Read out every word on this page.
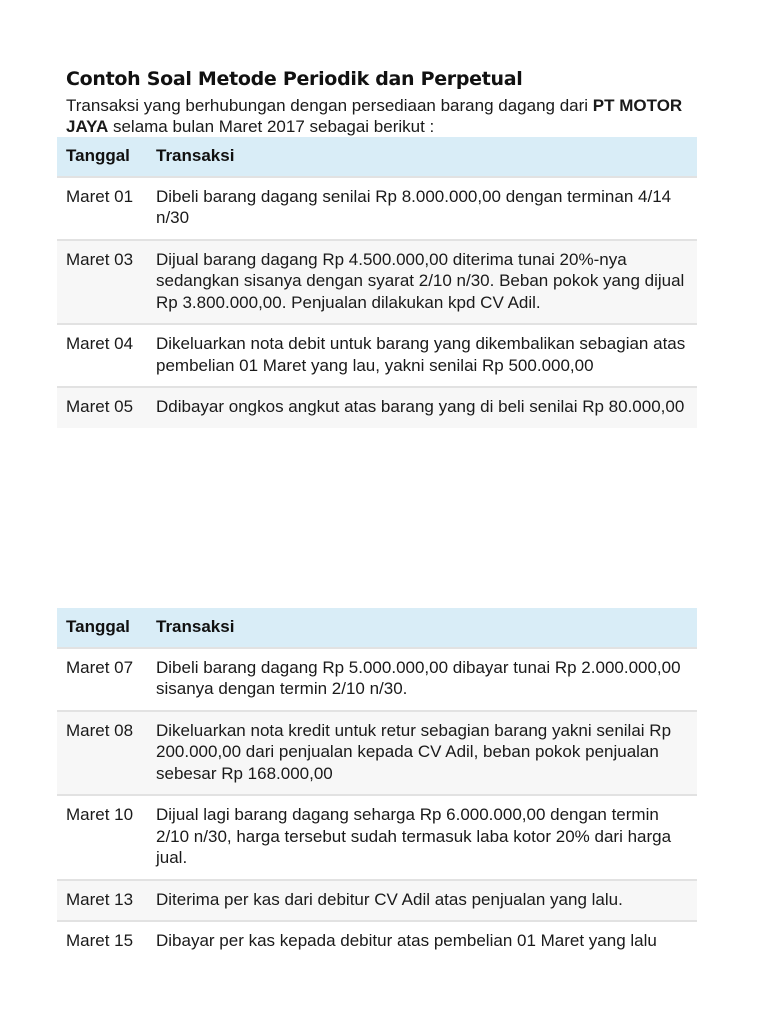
Contoh Soal Metode Periodik dan Perpetual

Transaksi yang berhubungan dengan persediaan barang dagang dari PT MOTOR JAYA selama bulan Maret 2017 sebagai berikut :

Tanggal	Transaksi
Maret 01	Dibeli barang dagang senilai Rp 8.000.000,00 dengan terminan 4/14 n/30
Maret 03	Dijual barang dagang Rp 4.500.000,00 diterima tunai 20%-nya sedangkan sisanya dengan syarat 2/10 n/30. Beban pokok yang dijual Rp 3.800.000,00. Penjualan dilakukan kpd CV Adil.
Maret 04	Dikeluarkan nota debit untuk barang yang dikembalikan sebagian atas pembelian 01 Maret yang lau, yakni senilai Rp 500.000,00
Maret 05	Ddibayar ongkos angkut atas barang yang di beli senilai Rp 80.000,00
Tanggal	Transaksi
Maret 07	Dibeli barang dagang Rp 5.000.000,00 dibayar tunai Rp 2.000.000,00 sisanya dengan termin 2/10 n/30.
Maret 08	Dikeluarkan nota kredit untuk retur sebagian barang yakni senilai Rp 200.000,00 dari penjualan kepada CV Adil, beban pokok penjualan sebesar Rp 168.000,00
Maret 10	Dijual lagi barang dagang seharga Rp 6.000.000,00 dengan termin 2/10 n/30, harga tersebut sudah termasuk laba kotor 20% dari harga jual.
Maret 13	Diterima per kas dari debitur CV Adil atas penjualan yang lalu.
Maret 15	Dibayar per kas kepada debitur atas pembelian 01 Maret yang lalu
